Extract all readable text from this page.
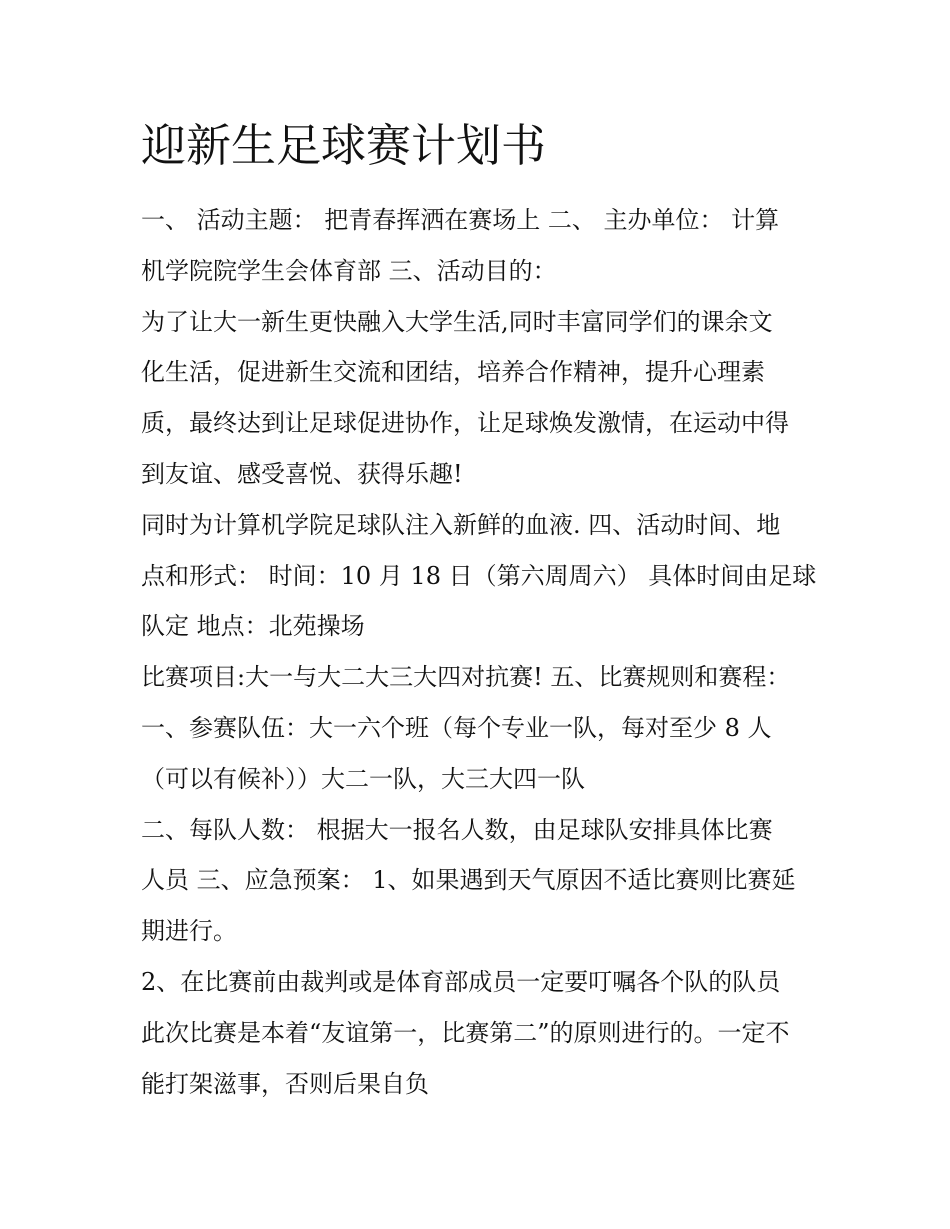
迎新生足球赛计划书
一、 活动主题： 把青春挥洒在赛场上 二、 主办单位： 计算
机学院院学生会体育部 三、活动目的：
为了让大一新生更快融入大学生活,同时丰富同学们的课余文
化生活，促进新生交流和团结，培养合作精神，提升心理素
质，最终达到让足球促进协作，让足球焕发激情，在运动中得
到友谊、感受喜悦、获得乐趣!
同时为计算机学院足球队注入新鲜的血液. 四、活动时间、地
点和形式： 时间：10 月 18 日（第六周周六） 具体时间由足球
队定 地点：北苑操场
比赛项目:大一与大二大三大四对抗赛! 五、比赛规则和赛程：
一、参赛队伍：大一六个班（每个专业一队，每对至少 8 人
（可以有候补））大二一队，大三大四一队
二、每队人数： 根据大一报名人数，由足球队安排具体比赛
人员 三、应急预案： 1、如果遇到天气原因不适比赛则比赛延
期进行。
2、在比赛前由裁判或是体育部成员一定要叮嘱各个队的队员
此次比赛是本着“友谊第一，比赛第二”的原则进行的。一定不
能打架滋事，否则后果自负
